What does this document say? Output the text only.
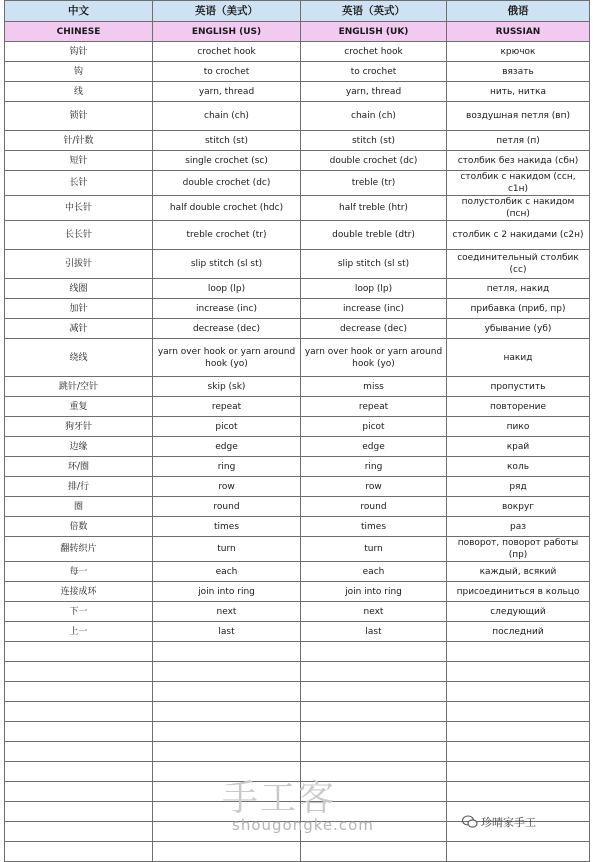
中文	英语（美式）	英语（英式）	俄语
CHINESE	ENGLISH (US)	ENGLISH (UK)	RUSSIAN
钩针	crochet hook	crochet hook	крючок
钩	to crochet	to crochet	вязать
线	yarn, thread	yarn, thread	нить, нитка
锁针	chain (ch)	chain (ch)	воздушная петля (вп)
针/针数	stitch (st)	stitch (st)	петля (п)
短针	single crochet (sc)	double crochet (dc)	столбик без накида (сбн)
长针	double crochet (dc)	treble (tr)	столбик с накидом (ссн, с1н)
中长针	half double crochet (hdc)	half treble (htr)	полустолбик с накидом (псн)
长长针	treble crochet (tr)	double treble (dtr)	столбик с 2 накидами (с2н)
引拔针	slip stitch (sl st)	slip stitch (sl st)	соединительный столбик (сс)
线圈	loop (lp)	loop (lp)	петля, накид
加针	increase (inc)	increase (inc)	прибавка (приб, пр)
减针	decrease (dec)	decrease (dec)	убывание (уб)
绕线	yarn over hook or yarn around hook (yo)	yarn over hook or yarn around hook (yo)	накид
跳针/空针	skip (sk)	miss	пропустить
重复	repeat	repeat	повторение
狗牙针	picot	picot	пико
边缘	edge	edge	край
环/圈	ring	ring	коль
排/行	row	row	ряд
圈	round	round	вокруг
倍数	times	times	раз
翻转织片	turn	turn	поворот, поворот работы (пр)
每一	each	each	каждый, всякий
连接成环	join into ring	join into ring	присоединиться в кольцо
下一	next	next	следующий
上一	last	last	последний

手工客
shougongke.com	珍晴家手工
